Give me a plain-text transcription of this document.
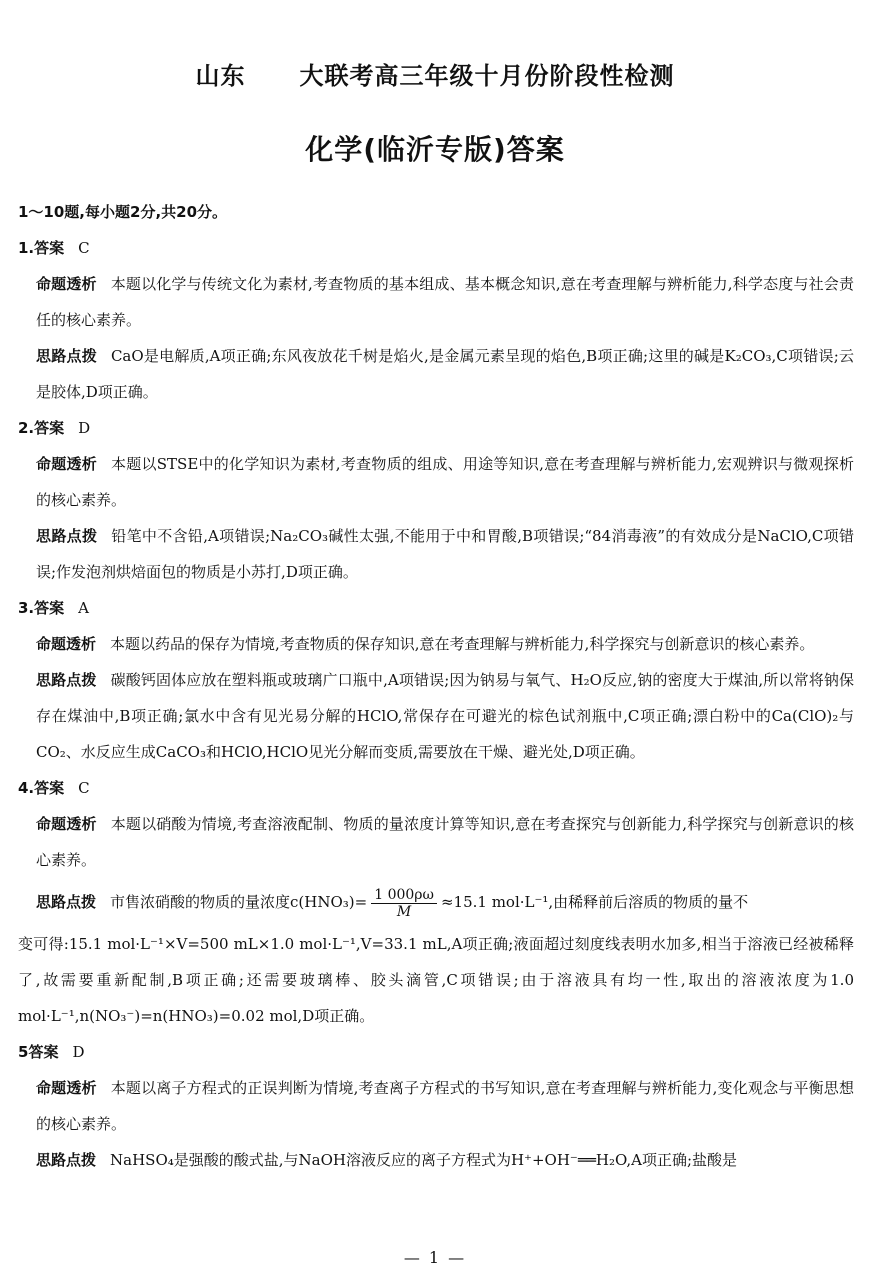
山东 大联考高三年级十月份阶段性检测
化学(临沂专版)答案
1～10题,每小题2分,共20分。
1.答案 C
命题透析 本题以化学与传统文化为素材,考查物质的基本组成、基本概念知识,意在考查理解与辨析能力,科学态度与社会责任的核心素养。
思路点拨 CaO是电解质,A项正确;东风夜放花千树是焰火,是金属元素呈现的焰色,B项正确;这里的碱是K₂CO₃,C项错误;云是胶体,D项正确。
2.答案 D
命题透析 本题以STSE中的化学知识为素材,考查物质的组成、用途等知识,意在考查理解与辨析能力,宏观辨识与微观探析的核心素养。
思路点拨 铅笔中不含铅,A项错误;Na₂CO₃碱性太强,不能用于中和胃酸,B项错误;“84消毒液”的有效成分是NaClO,C项错误;作发泡剂烘焙面包的物质是小苏打,D项正确。
3.答案 A
命题透析 本题以药品的保存为情境,考查物质的保存知识,意在考查理解与辨析能力,科学探究与创新意识的核心素养。
思路点拨 碳酸钙固体应放在塑料瓶或玻璃广口瓶中,A项错误;因为钠易与氧气、H₂O反应,钠的密度大于煤油,所以常将钠保存在煤油中,B项正确;氯水中含有见光易分解的HClO,常保存在可避光的棕色试剂瓶中,C项正确;漂白粉中的Ca(ClO)₂与CO₂、水反应生成CaCO₃和HClO,HClO见光分解而变质,需要放在干燥、避光处,D项正确。
4.答案 C
命题透析 本题以硝酸为情境,考查溶液配制、物质的量浓度计算等知识,意在考查探究与创新能力,科学探究与创新意识的核心素养。
思路点拨 市售浓硝酸的物质的量浓度$c(HNO_3)= \frac{1 000\rho\omega}{M} \approx 15.1$ mol·L⁻¹,由稀释前后溶质的物质的量不
变可得:15.1 mol·L⁻¹×V=500 mL×1.0 mol·L⁻¹,V=33.1 mL,A项正确;液面超过刻度线表明水加多,相当于溶液已经被稀释了,故需要重新配制,B项正确;还需要玻璃棒、胶头滴管,C项错误;由于溶液具有均一性,取出的溶液浓度为1.0 mol·L⁻¹,n(NO₃⁻)=n(HNO₃)=0.02 mol,D项正确。
5答案 D
命题透析 本题以离子方程式的正误判断为情境,考查离子方程式的书写知识,意在考查理解与辨析能力,变化观念与平衡思想的核心素养。
思路点拨 NaHSO₄是强酸的酸式盐,与NaOH溶液反应的离子方程式为H⁺+OH⁻══H₂O,A项正确;盐酸是
— 1 —
